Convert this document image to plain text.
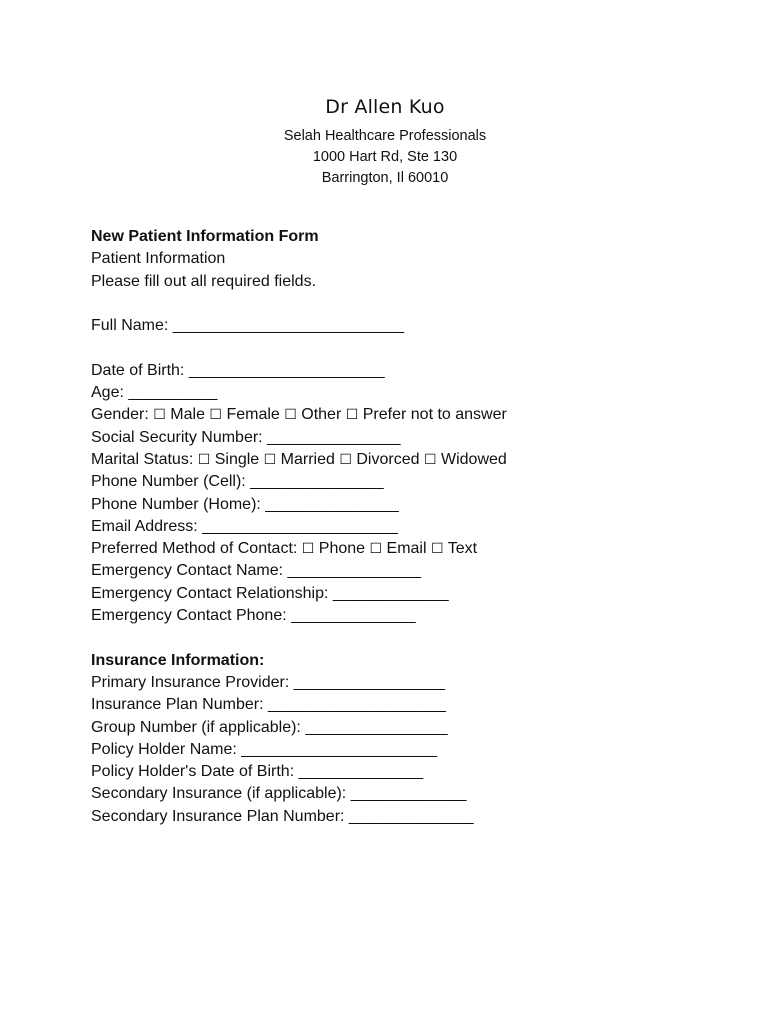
Dr Allen Kuo
Selah Healthcare Professionals
1000 Hart Rd, Ste 130
Barrington, Il 60010
New Patient Information Form
Patient Information
Please fill out all required fields.
Full Name: __________________________
Date of Birth: ______________________
Age: __________
Gender: ☐ Male ☐ Female ☐ Other ☐ Prefer not to answer
Social Security Number: _______________
Marital Status: ☐ Single ☐ Married ☐ Divorced ☐ Widowed
Phone Number (Cell): _______________
Phone Number (Home): _______________
Email Address: ______________________
Preferred Method of Contact: ☐ Phone ☐ Email ☐ Text
Emergency Contact Name: _______________
Emergency Contact Relationship: _____________
Emergency Contact Phone: ______________
Insurance Information:
Primary Insurance Provider: _________________
Insurance Plan Number: ____________________
Group Number (if applicable): ________________
Policy Holder Name: ______________________
Policy Holder's Date of Birth: ______________
Secondary Insurance (if applicable): _____________
Secondary Insurance Plan Number: ______________
